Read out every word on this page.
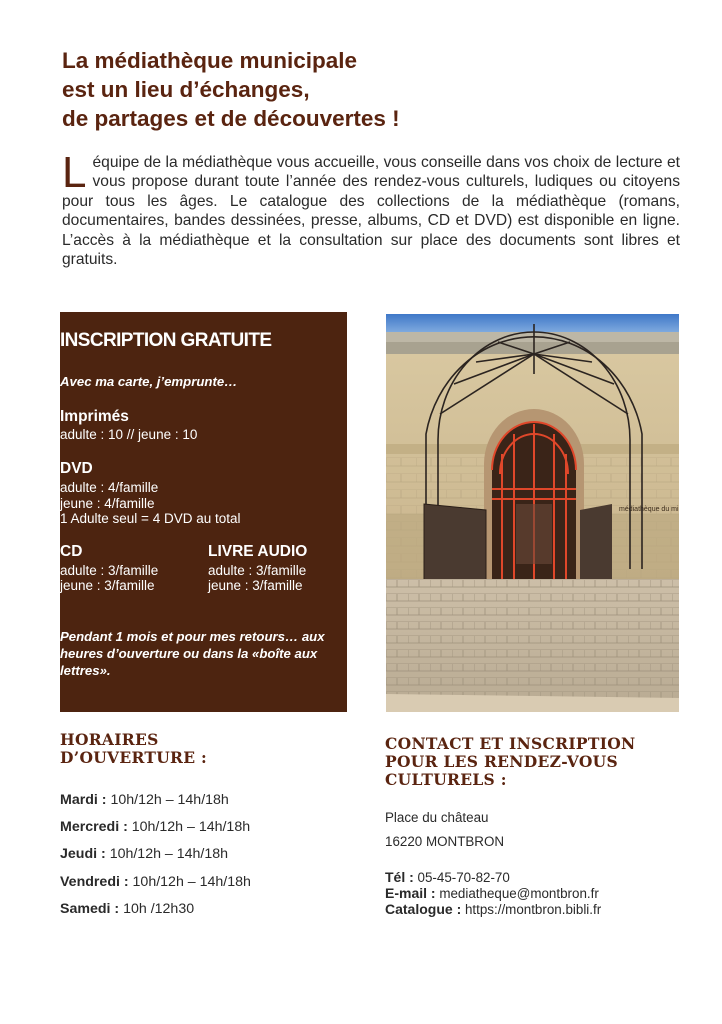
La médiathèque municipale
est un lieu d’échanges,
de partages et de découvertes !
Léquipe de la médiathèque vous accueille, vous conseille dans vos choix de lecture et vous propose durant toute l’année des rendez-vous culturels, ludiques ou citoyens pour tous les âges. Le catalogue des collections de la médiathèque (romans, documentaires, bandes dessinées, presse, albums, CD et DVD) est disponible en ligne. L’accès à la médiathèque et la consultation sur place des documents sont libres et gratuits.
INSCRIPTION GRATUITE
Avec ma carte, j’emprunte…
Imprimés
adulte : 10 // jeune : 10
DVD
adulte : 4/famille
jeune : 4/famille
1 Adulte seul = 4 DVD au total
CD
adulte : 3/famille
jeune : 3/famille
LIVRE AUDIO
adulte : 3/famille
jeune : 3/famille
Pendant 1 mois et pour mes retours… aux heures d’ouverture ou dans la «boîte aux lettres».
médiathèque du mi
HORAIRES
D’OUVERTURE :
Mardi : 10h/12h – 14h/18h
Mercredi : 10h/12h – 14h/18h
Jeudi : 10h/12h – 14h/18h
Vendredi : 10h/12h – 14h/18h
Samedi : 10h /12h30
CONTACT ET INSCRIPTION
POUR LES RENDEZ-VOUS
CULTURELS :
Place du château
16220 MONTBRON
Tél : 05-45-70-82-70
E-mail : mediatheque@montbron.fr
Catalogue : https://montbron.bibli.fr
